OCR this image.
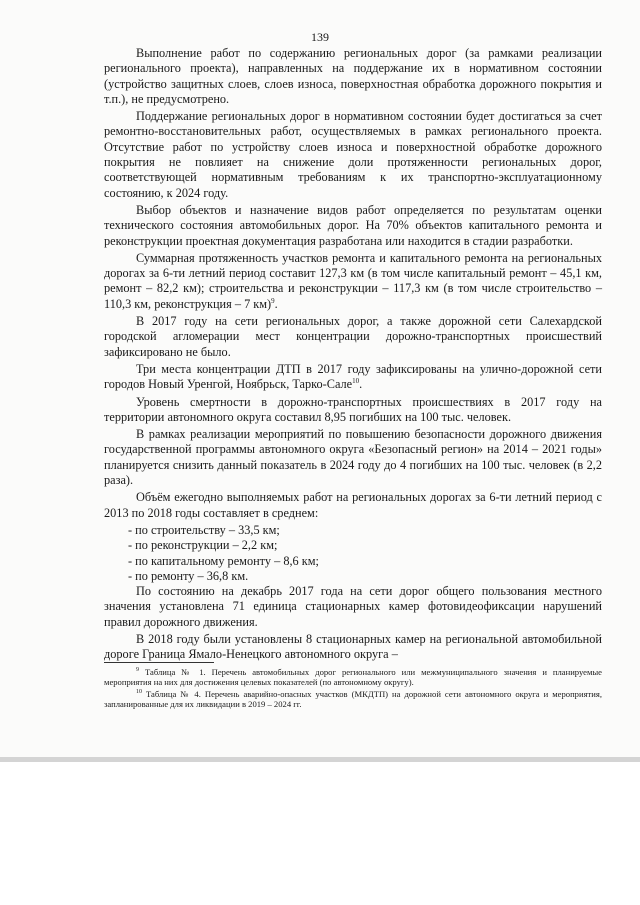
139

Выполнение работ по содержанию региональных дорог (за рамками реализации регионального проекта), направленных на поддержание их в нормативном состоянии (устройство защитных слоев, слоев износа, поверхностная обработка дорожного покрытия и т.п.), не предусмотрено.

Поддержание региональных дорог в нормативном состоянии будет достигаться за счет ремонтно-восстановительных работ, осуществляемых в рамках регионального проекта. Отсутствие работ по устройству слоев износа и поверхностной обработке дорожного покрытия не повлияет на снижение доли протяженности региональных дорог, соответствующей нормативным требованиям к их транспортно-эксплуатационному состоянию, к 2024 году.

Выбор объектов и назначение видов работ определяется по результатам оценки технического состояния автомобильных дорог. На 70% объектов капитального ремонта и реконструкции проектная документация разработана или находится в стадии разработки.

Суммарная протяженность участков ремонта и капитального ремонта на региональных дорогах за 6-ти летний период составит 127,3 км (в том числе капитальный ремонт – 45,1 км, ремонт – 82,2 км); строительства и реконструкции – 117,3 км (в том числе строительство – 110,3 км, реконструкция – 7 км)$^9$.

В 2017 году на сети региональных дорог, а также дорожной сети Салехардской городской агломерации мест концентрации дорожно-транспортных происшествий зафиксировано не было.

Три места концентрации ДТП в 2017 году зафиксированы на улично-дорожной сети городов Новый Уренгой, Ноябрьск, Тарко-Сале$^{10}$.

Уровень смертности в дорожно-транспортных происшествиях в 2017 году на территории автономного округа составил 8,95 погибших на 100 тыс. человек.

В рамках реализации мероприятий по повышению безопасности дорожного движения государственной программы автономного округа «Безопасный регион» на 2014 – 2021 годы» планируется снизить данный показатель в 2024 году до 4 погибших на 100 тыс. человек (в 2,2 раза).

Объём ежегодно выполняемых работ на региональных дорогах за 6-ти летний период с 2013 по 2018 годы составляет в среднем:

- по строительству – 33,5 км;

- по реконструкции – 2,2 км;

- по капитальному ремонту – 8,6 км;

- по ремонту – 36,8 км.

По состоянию на декабрь 2017 года на сети дорог общего пользования местного значения установлена 71 единица стационарных камер фотовидеофиксации нарушений правил дорожного движения.

В 2018 году были установлены 8 стационарных камер на региональной автомобильной дороге Граница Ямало-Ненецкого автономного округа –

$^9$ Таблица № 1. Перечень автомобильных дорог регионального или межмуниципального значения и планируемые мероприятия на них для достижения целевых показателей (по автономному округу).

$^{10}$ Таблица № 4. Перечень аварийно-опасных участков (МКДТП) на дорожной сети автономного округа и мероприятия, запланированные для их ликвидации в 2019 – 2024 гг.
